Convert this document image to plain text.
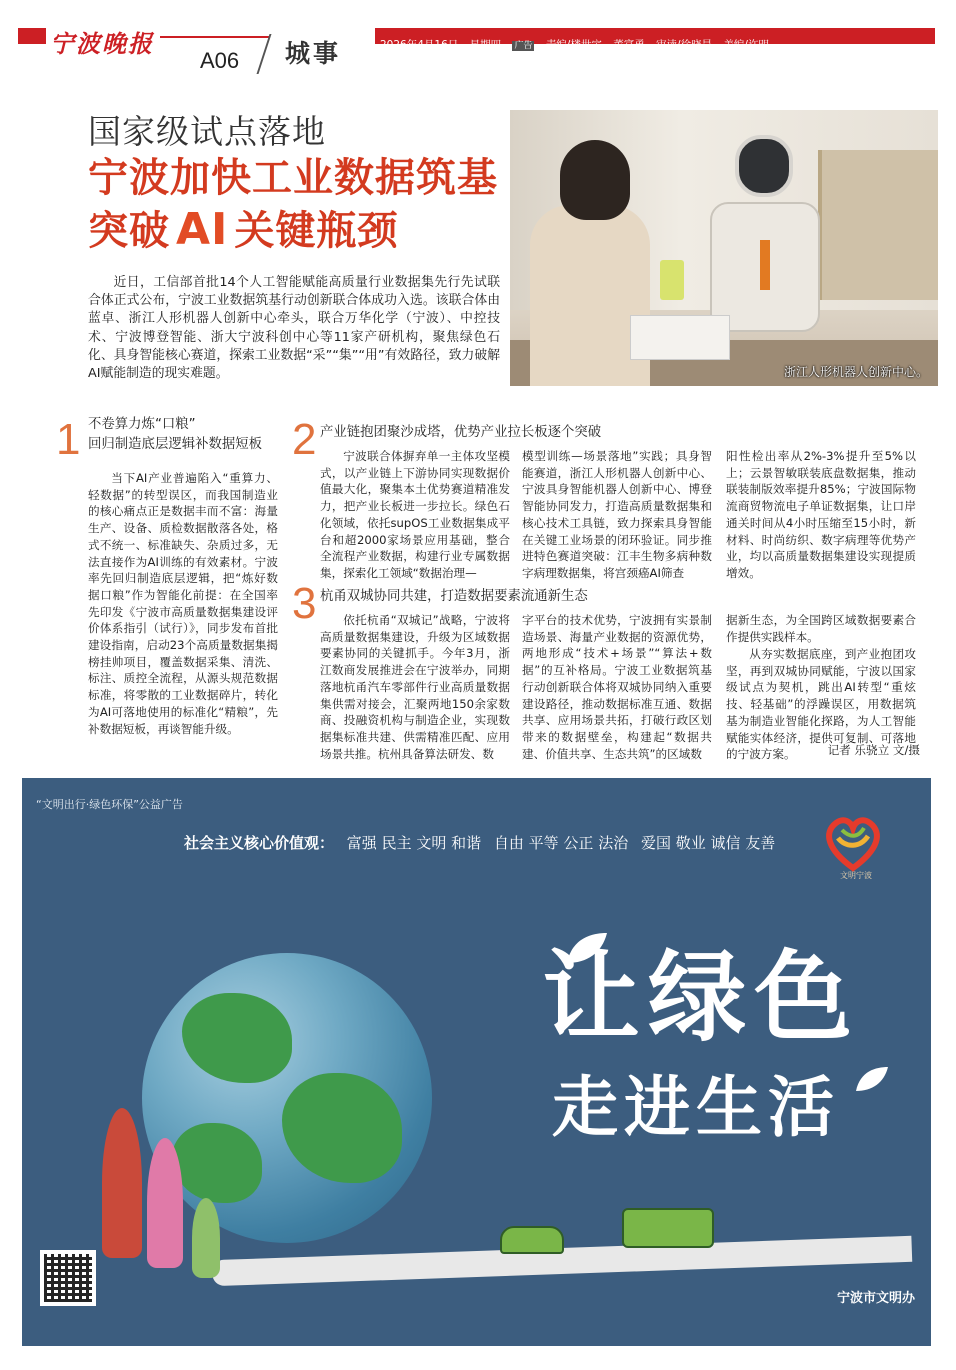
宁波晚报
A06 城事	2026年4月16日 星期四 广告 责编/楼世宇 董富勇 审读/徐晓昊 美编/许明
国家级试点落地
宁波加快工业数据筑基
突破 AI 关键瓶颈
浙江人形机器人创新中心。
近日，工信部首批14个人工智能赋能高质量行业数据集先行先试联合体正式公布，宁波工业数据筑基行动创新联合体成功入选。该联合体由蓝卓、浙江人形机器人创新中心牵头，联合万华化学（宁波）、中控技术、宁波博登智能、浙大宁波科创中心等11家产研机构，聚焦绿色石化、具身智能核心赛道，探索工业数据“采”“集”“用”有效路径，致力破解AI赋能制造的现实难题。
1 不卷算力炼“口粮”
回归制造底层逻辑补数据短板
当下AI产业普遍陷入“重算力、轻数据”的转型误区，而我国制造业的核心痛点正是数据丰而不富：海量生产、设备、质检数据散落各处，格式不统一、标准缺失、杂质过多，无法直接作为AI训练的有效素材。宁波率先回归制造底层逻辑，把“炼好数据口粮”作为智能化前提：在全国率先印发《宁波市高质量数据集建设评价体系指引（试行）》，同步发布首批建设指南，启动23个高质量数据集揭榜挂帅项目，覆盖数据采集、清洗、标注、质控全流程，从源头规范数据标准，将零散的工业数据碎片，转化为AI可落地使用的标准化“精粮”，先补数据短板，再谈智能升级。
2 产业链抱团聚沙成塔，优势产业拉长板逐个突破
宁波联合体摒弃单一主体攻坚模式，以产业链上下游协同实现数据价值最大化，聚集本土优势赛道精准发力，把产业长板进一步拉长。绿色石化领域，依托supOS工业数据集成平台和超2000家场景应用基础，整合全流程产业数据，构建行业专属数据集，探索化工领域“数据治理—
模型训练—场景落地”实践；具身智能赛道，浙江人形机器人创新中心、宁波具身智能机器人创新中心、博登智能协同发力，打造高质量数据集和核心技术工具链，致力探索具身智能在关键工业场景的闭环验证。同步推进特色赛道突破：江丰生物多病种数字病理数据集，将宫颈癌AI筛查
阳性检出率从2%-3%提升至5%以上；云景智敏联装底盘数据集，推动联装制版效率提升85%；宁波国际物流商贸物流电子单证数据集，让口岸通关时间从4小时压缩至15小时，新材料、时尚纺织、数字病理等优势产业，均以高质量数据集建设实现提质增效。
3 杭甬双城协同共建，打造数据要素流通新生态
依托杭甬“双城记”战略，宁波将高质量数据集建设，升级为区域数据要素协同的关键抓手。今年3月，浙江数商发展推进会在宁波举办，同期落地杭甬汽车零部件行业高质量数据集供需对接会，汇聚两地150余家数商、投融资机构与制造企业，实现数据集标准共建、供需精准匹配、应用场景共推。杭州具备算法研发、数
字平台的技术优势，宁波拥有实景制造场景、海量产业数据的资源优势，两地形成“技术+场景”“算法+数据”的互补格局。宁波工业数据筑基行动创新联合体将双城协同纳入重要建设路径，推动数据标准互通、数据共享、应用场景共拓，打破行政区划带来的数据壁垒，构建起“数据共建、价值共享、生态共筑”的区域数
据新生态，为全国跨区域数据要素合作提供实践样本。
从夯实数据底座，到产业抱团攻坚，再到双城协同赋能，宁波以国家级试点为契机，跳出AI转型“重炫技、轻基础”的浮躁误区，用数据筑基为制造业智能化探路，为人工智能赋能实体经济，提供可复制、可落地的宁波方案。	记者 乐骁立 文/摄
“文明出行·绿色环保”公益广告
社会主义核心价值观： 富强 民主 文明 和谐 自由 平等 公正 法治 爱国 敬业 诚信 友善
文明宁波
让绿色
走进生活
宁波市文明办
